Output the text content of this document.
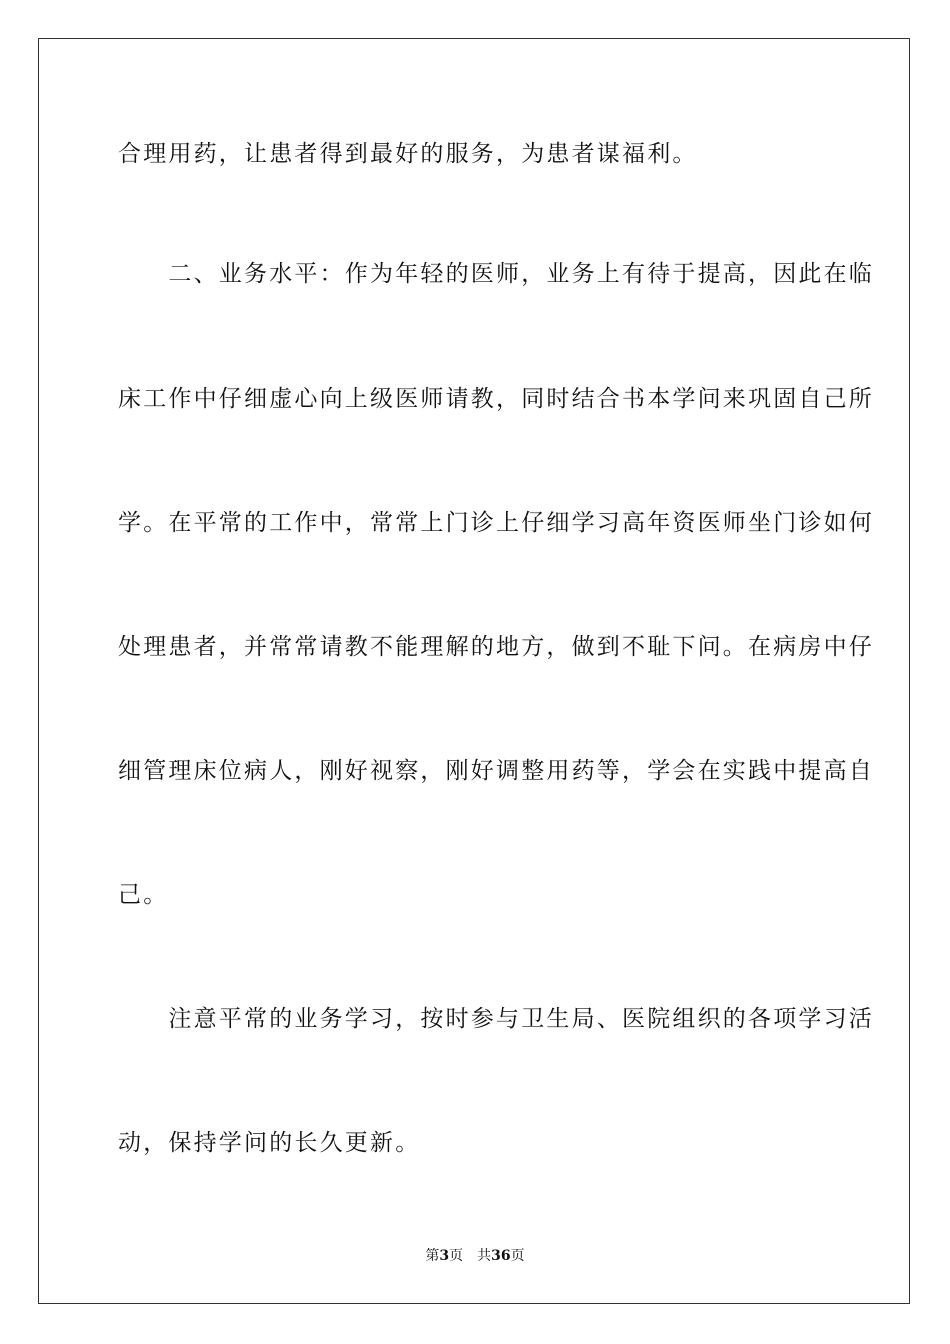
合理用药，让患者得到最好的服务，为患者谋福利。
　　二、业务水平：作为年轻的医师，业务上有待于提高，因此在临
床工作中仔细虚心向上级医师请教，同时结合书本学问来巩固自己所
学。在平常的工作中，常常上门诊上仔细学习高年资医师坐门诊如何
处理患者，并常常请教不能理解的地方，做到不耻下问。在病房中仔
细管理床位病人，刚好视察，刚好调整用药等，学会在实践中提高自
己。
　　注意平常的业务学习，按时参与卫生局、医院组织的各项学习活
动，保持学问的长久更新。
第3页 共36页
